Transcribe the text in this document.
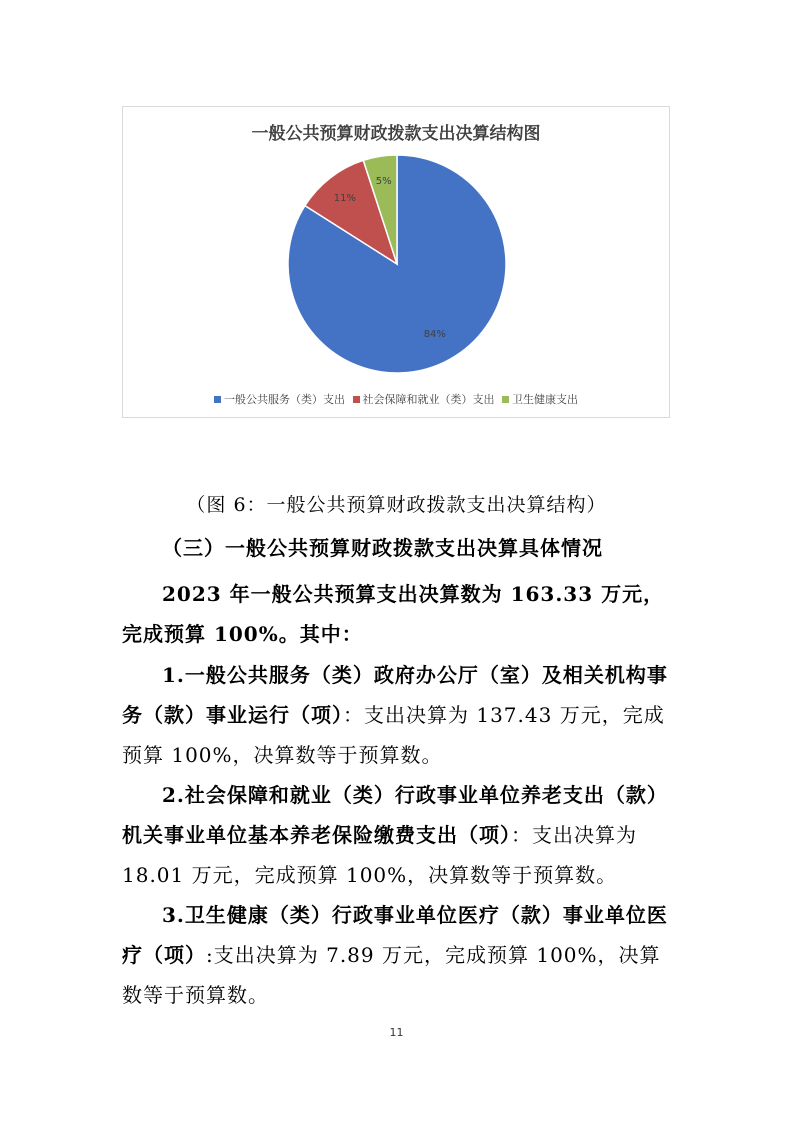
一般公共预算财政拨款支出决算结构图
84%
11%
5%
一般公共服务（类）支出 社会保障和就业（类）支出 卫生健康支出
（图 6：一般公共预算财政拨款支出决算结构）
（三）一般公共预算财政拨款支出决算具体情况

2023 年一般公共预算支出决算数为 163.33 万元，完成预算 100%。其中：

1.一般公共服务（类）政府办公厅（室）及相关机构事务（款）事业运行（项）：支出决算为 137.43 万元，完成预算 100%，决算数等于预算数。

2.社会保障和就业（类）行政事业单位养老支出（款）机关事业单位基本养老保险缴费支出（项）：支出决算为 18.01 万元，完成预算 100%，决算数等于预算数。

3.卫生健康（类）行政事业单位医疗（款）事业单位医疗（项）:支出决算为 7.89 万元，完成预算 100%，决算数等于预算数。

11
